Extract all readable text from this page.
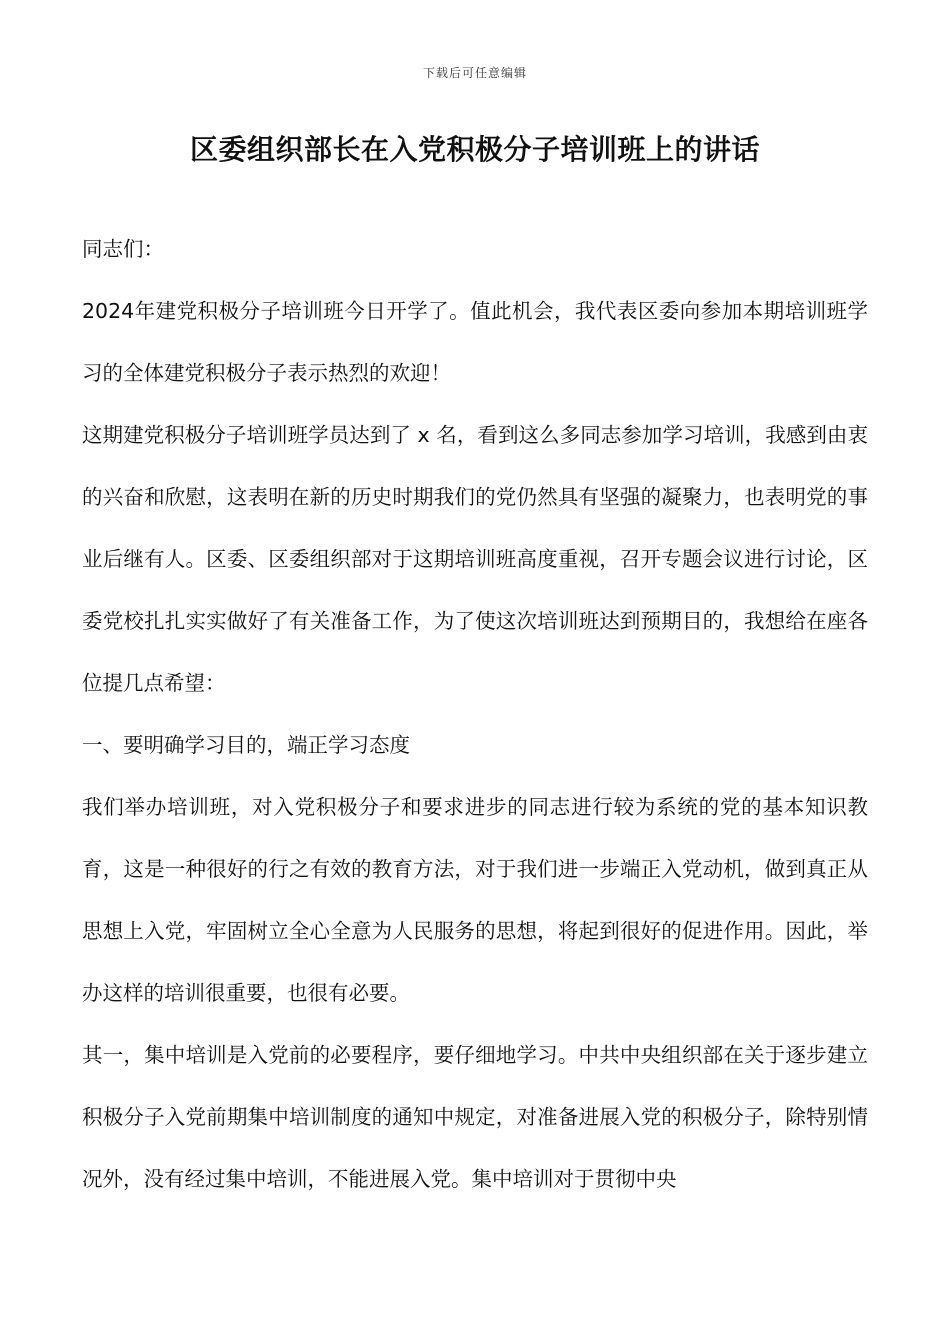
下载后可任意编辑
区委组织部长在入党积极分子培训班上的讲话

同志们：

2024年建党积极分子培训班今日开学了。值此机会，我代表区委向参加本期培训班学习的全体建党积极分子表示热烈的欢迎！

这期建党积极分子培训班学员达到了 x 名，看到这么多同志参加学习培训，我感到由衷的兴奋和欣慰，这表明在新的历史时期我们的党仍然具有坚强的凝聚力，也表明党的事业后继有人。区委、区委组织部对于这期培训班高度重视，召开专题会议进行讨论，区委党校扎扎实实做好了有关准备工作，为了使这次培训班达到预期目的，我想给在座各位提几点希望：

一、要明确学习目的，端正学习态度

我们举办培训班，对入党积极分子和要求进步的同志进行较为系统的党的基本知识教育，这是一种很好的行之有效的教育方法，对于我们进一步端正入党动机，做到真正从思想上入党，牢固树立全心全意为人民服务的思想，将起到很好的促进作用。因此，举办这样的培训很重要，也很有必要。

其一，集中培训是入党前的必要程序，要仔细地学习。中共中央组织部在关于逐步建立积极分子入党前期集中培训制度的通知中规定，对准备进展入党的积极分子，除特别情况外，没有经过集中培训，不能进展入党。集中培训对于贯彻中央
